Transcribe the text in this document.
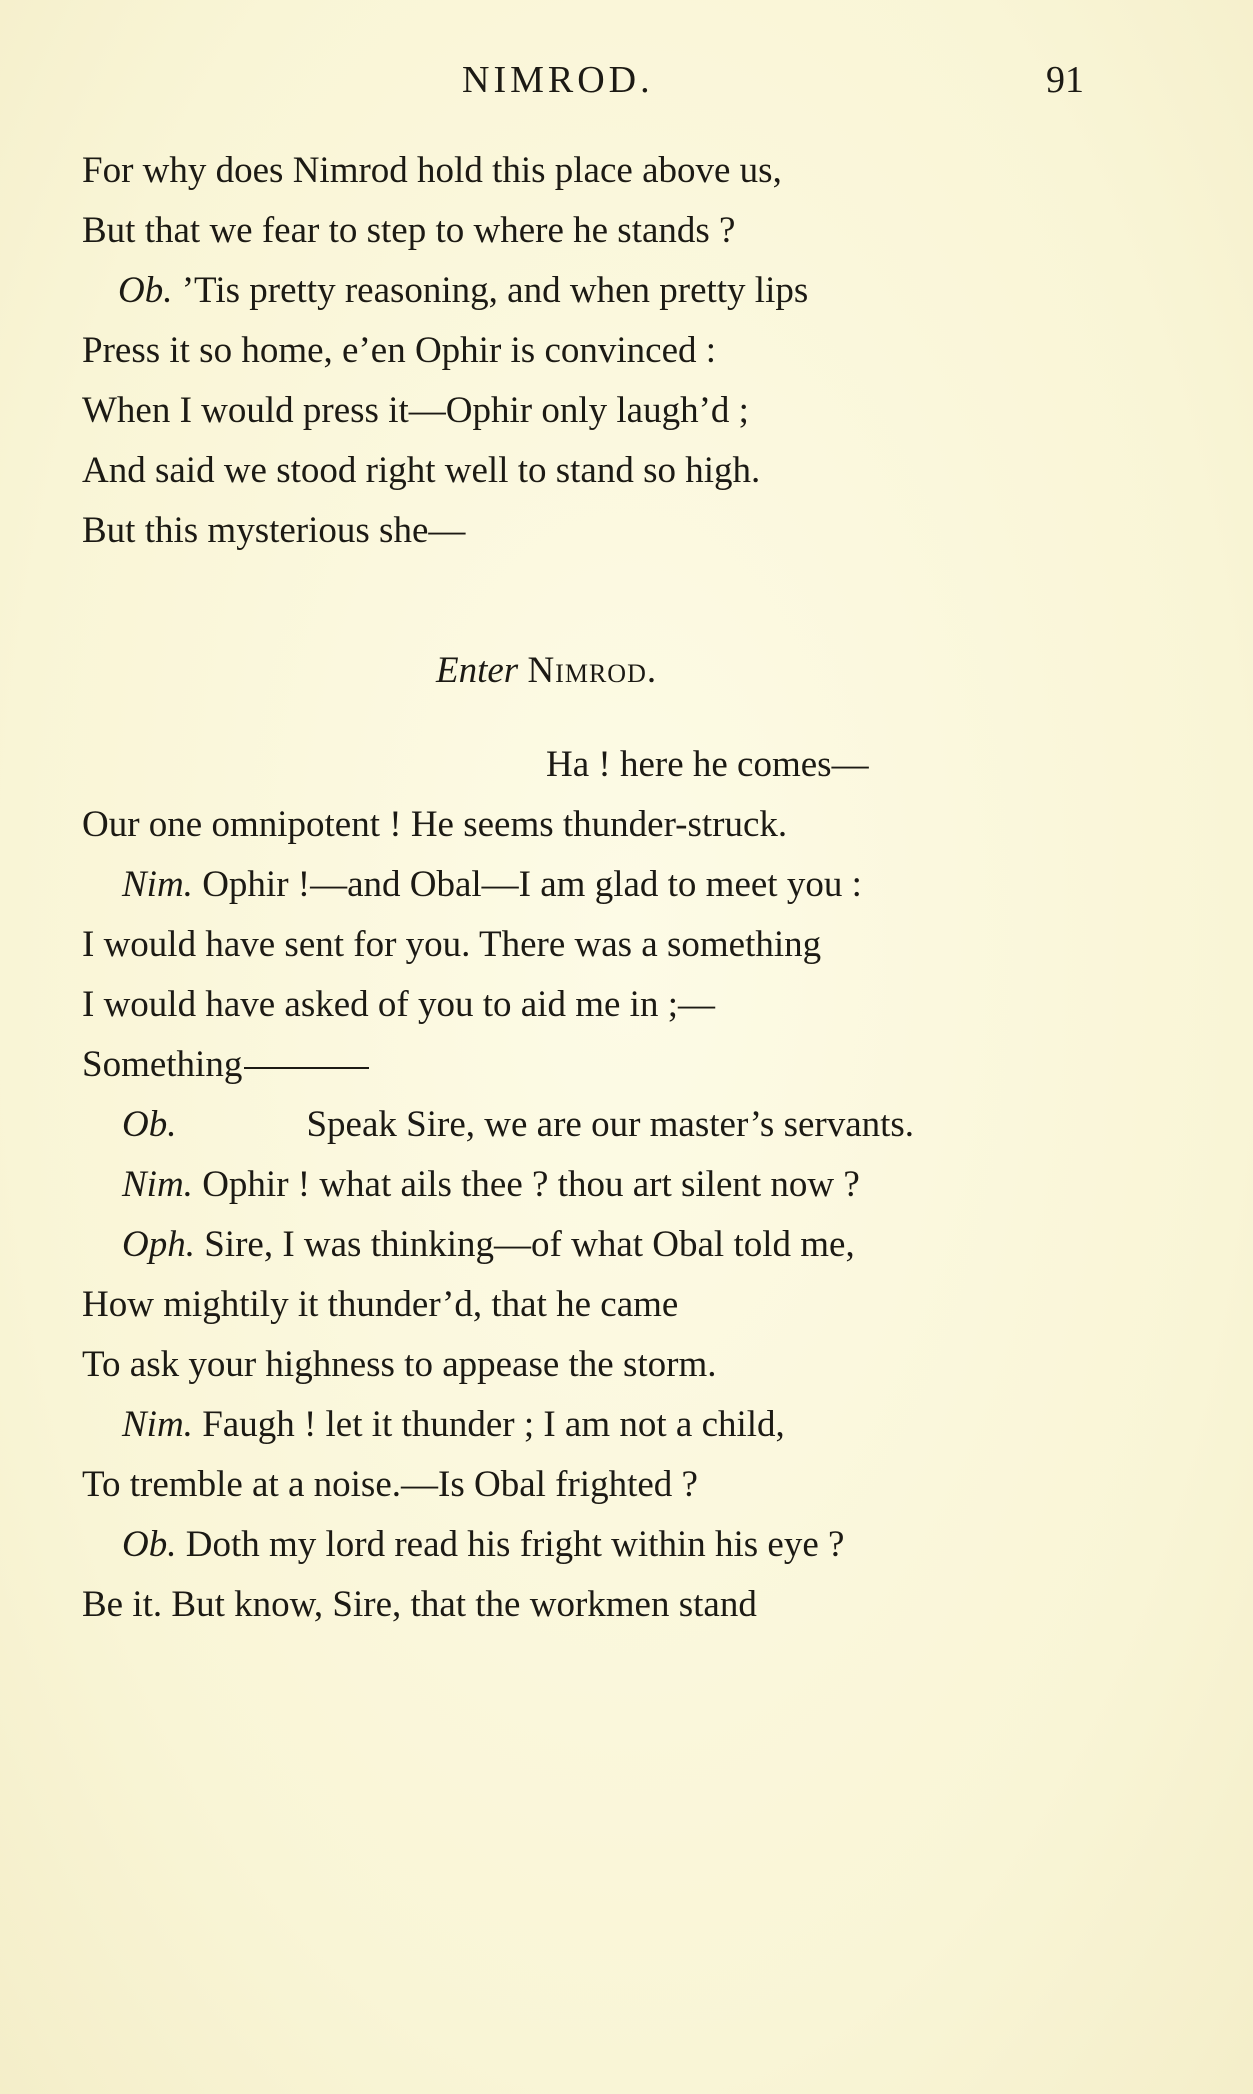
NIMROD.	91
For why does Nimrod hold this place above us,
But that we fear to step to where he stands ?
Ob. ’Tis pretty reasoning, and when pretty lips
Press it so home, e’en Ophir is convinced :
When I would press it—Ophir only laugh’d ;
And said we stood right well to stand so high.
But this mysterious she—
Enter Nimrod.
Ha ! here he comes—
Our one omnipotent ! He seems thunder-struck.
Nim. Ophir !—and Obal—I am glad to meet you :
I would have sent for you. There was a something
I would have asked of you to aid me in ;—
Something
Ob.	Speak Sire, we are our master’s servants.
Nim. Ophir ! what ails thee ? thou art silent now ?
Oph. Sire, I was thinking—of what Obal told me,
How mightily it thunder’d, that he came
To ask your highness to appease the storm.
Nim. Faugh ! let it thunder ; I am not a child,
To tremble at a noise.—Is Obal frighted ?
Ob. Doth my lord read his fright within his eye ?
Be it. But know, Sire, that the workmen stand
